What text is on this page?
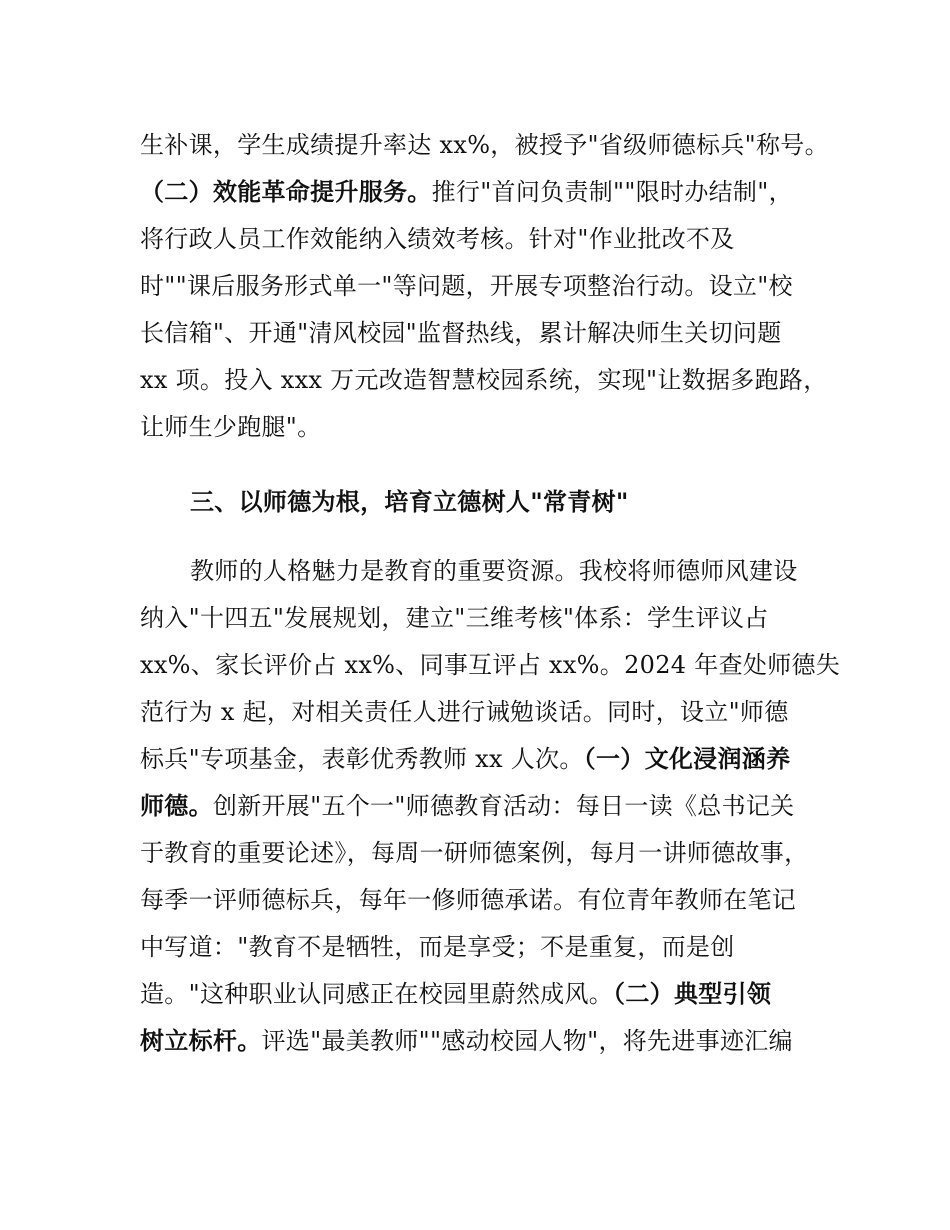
生补课，学生成绩提升率达 xx%，被授予"省级师德标兵"称号。
（二）效能革命提升服务。推行"首问负责制""限时办结制"，
将行政人员工作效能纳入绩效考核。针对"作业批改不及
时""课后服务形式单一"等问题，开展专项整治行动。设立"校
长信箱"、开通"清风校园"监督热线，累计解决师生关切问题
xx 项。投入 xxx 万元改造智慧校园系统，实现"让数据多跑路，
让师生少跑腿"。
三、以师德为根，培育立德树人"常青树"
教师的人格魅力是教育的重要资源。我校将师德师风建设
纳入"十四五"发展规划，建立"三维考核"体系：学生评议占
xx%、家长评价占 xx%、同事互评占 xx%。2024 年查处师德失
范行为 x 起，对相关责任人进行诫勉谈话。同时，设立"师德
标兵"专项基金，表彰优秀教师 xx 人次。（一）文化浸润涵养
师德。创新开展"五个一"师德教育活动：每日一读《总书记关
于教育的重要论述》，每周一研师德案例，每月一讲师德故事，
每季一评师德标兵，每年一修师德承诺。有位青年教师在笔记
中写道："教育不是牺牲，而是享受；不是重复，而是创
造。"这种职业认同感正在校园里蔚然成风。（二）典型引领
树立标杆。评选"最美教师""感动校园人物"，将先进事迹汇编
